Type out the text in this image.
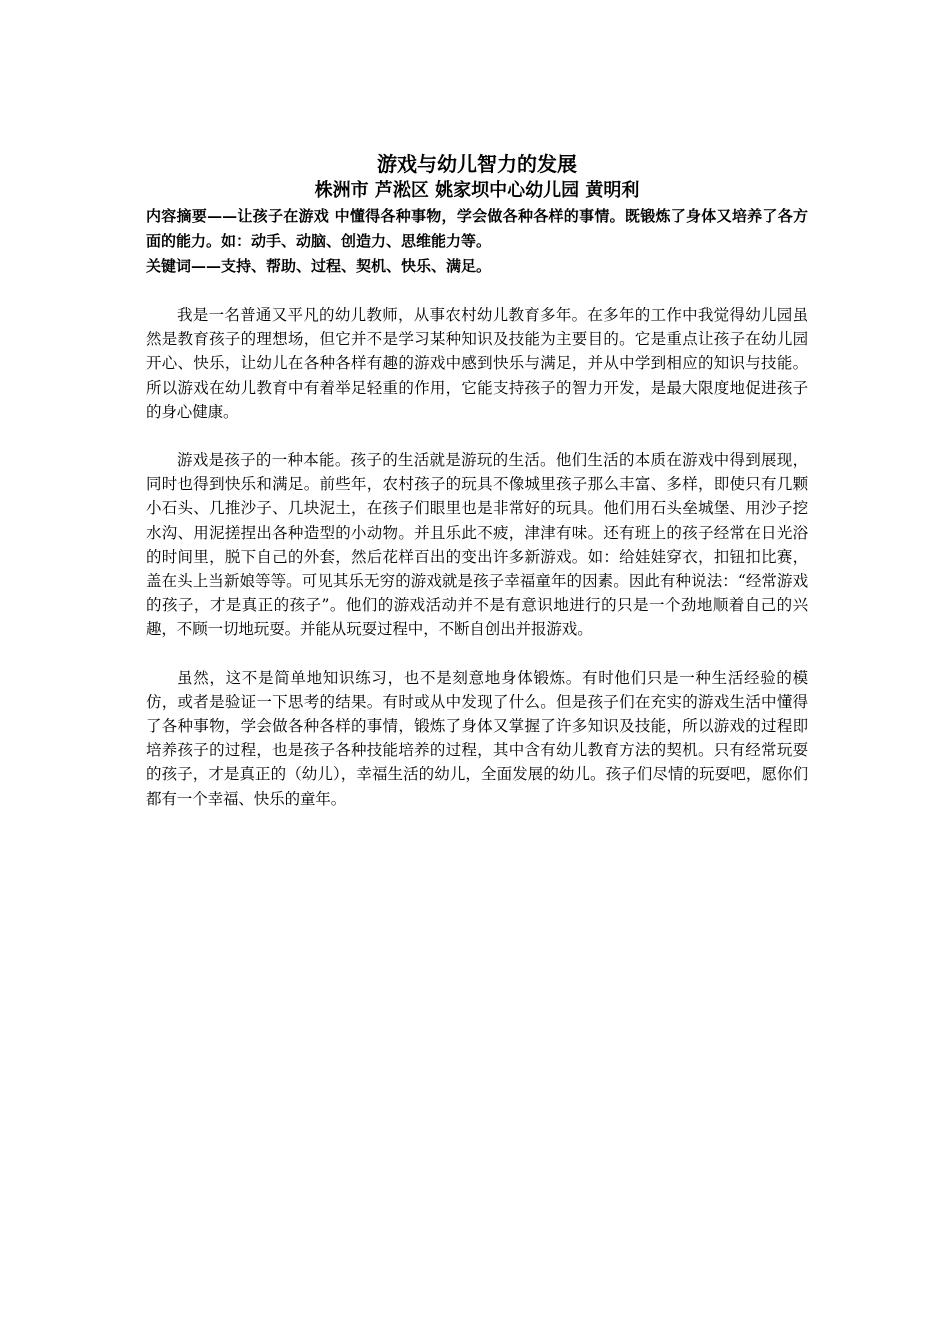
游戏与幼儿智力的发展
株洲市 芦淞区 姚家坝中心幼儿园 黄明利

内容摘要——让孩子在游戏 中懂得各种事物，学会做各种各样的事情。既锻炼了身体又培养了各方面的能力。如：动手、动脑、创造力、思维能力等。

关键词——支持、帮助、过程、契机、快乐、满足。

我是一名普通又平凡的幼儿教师，从事农村幼儿教育多年。在多年的工作中我觉得幼儿园虽然是教育孩子的理想场，但它并不是学习某种知识及技能为主要目的。它是重点让孩子在幼儿园开心、快乐，让幼儿在各种各样有趣的游戏中感到快乐与满足，并从中学到相应的知识与技能。所以游戏在幼儿教育中有着举足轻重的作用，它能支持孩子的智力开发，是最大限度地促进孩子的身心健康。

游戏是孩子的一种本能。孩子的生活就是游玩的生活。他们生活的本质在游戏中得到展现，同时也得到快乐和满足。前些年，农村孩子的玩具不像城里孩子那么丰富、多样，即使只有几颗小石头、几推沙子、几块泥土，在孩子们眼里也是非常好的玩具。他们用石头垒城堡、用沙子挖水沟、用泥搓捏出各种造型的小动物。并且乐此不疲，津津有味。还有班上的孩子经常在日光浴的时间里，脱下自己的外套，然后花样百出的变出许多新游戏。如：给娃娃穿衣，扣钮扣比赛，盖在头上当新娘等等。可见其乐无穷的游戏就是孩子幸福童年的因素。因此有种说法：“经常游戏的孩子，才是真正的孩子”。他们的游戏活动并不是有意识地进行的只是一个劲地顺着自己的兴趣，不顾一切地玩耍。并能从玩耍过程中，不断自创出并报游戏。

虽然，这不是简单地知识练习，也不是刻意地身体锻炼。有时他们只是一种生活经验的模仿，或者是验证一下思考的结果。有时或从中发现了什么。但是孩子们在充实的游戏生活中懂得了各种事物，学会做各种各样的事情，锻炼了身体又掌握了许多知识及技能，所以游戏的过程即培养孩子的过程，也是孩子各种技能培养的过程，其中含有幼儿教育方法的契机。只有经常玩耍的孩子，才是真正的（幼儿），幸福生活的幼儿，全面发展的幼儿。孩子们尽情的玩耍吧，愿你们都有一个幸福、快乐的童年。
